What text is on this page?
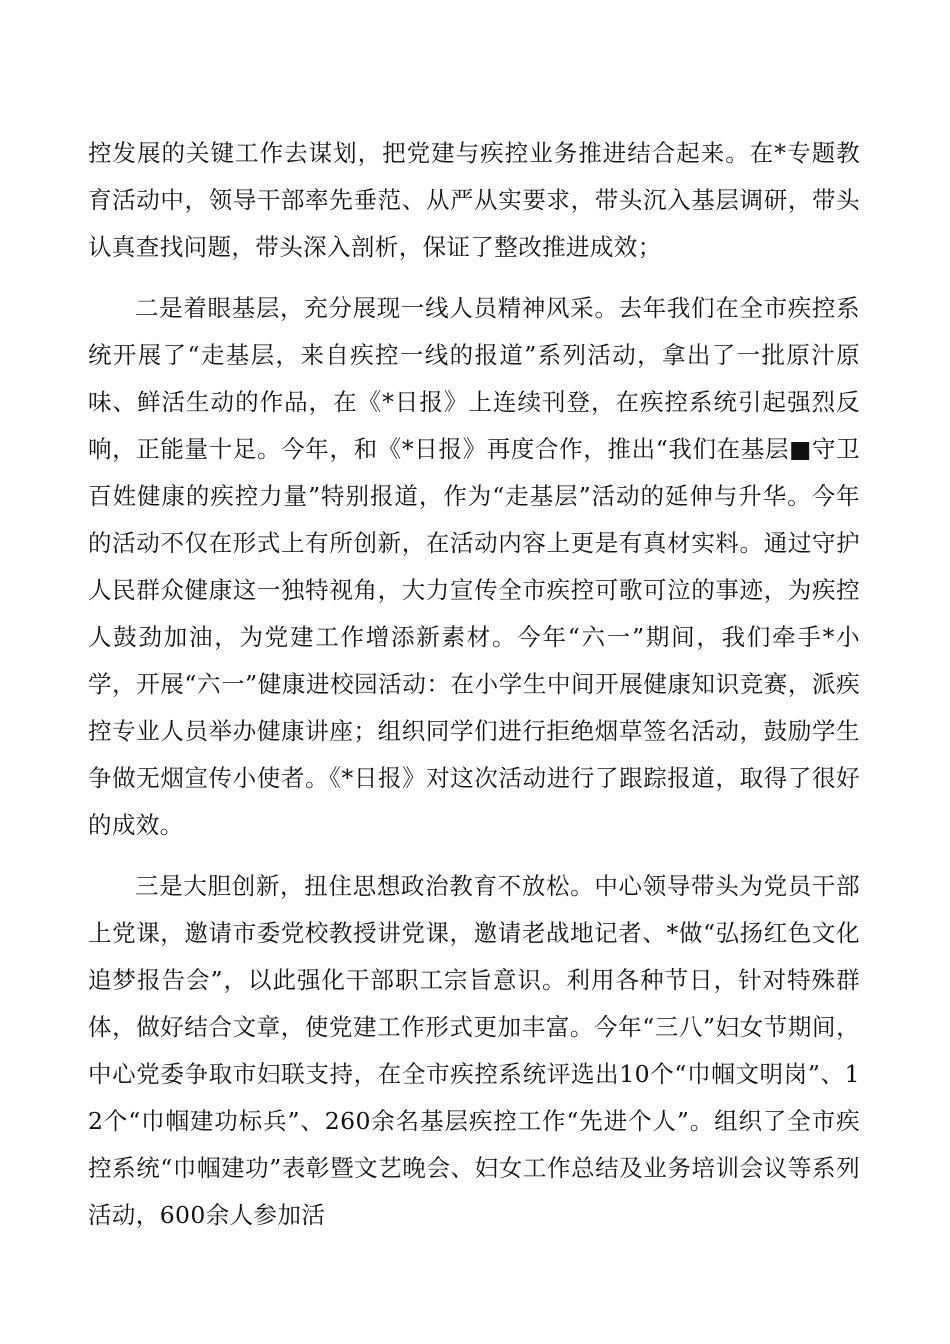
控发展的关键工作去谋划，把党建与疾控业务推进结合起来。在*专题教育活动中，领导干部率先垂范、从严从实要求，带头沉入基层调研，带头认真查找问题，带头深入剖析，保证了整改推进成效；

二是着眼基层，充分展现一线人员精神风采。去年我们在全市疾控系统开展了“走基层，来自疾控一线的报道”系列活动，拿出了一批原汁原味、鲜活生动的作品，在《*日报》上连续刊登，在疾控系统引起强烈反响，正能量十足。今年，和《*日报》再度合作，推出“我们在基层■守卫百姓健康的疾控力量”特别报道，作为“走基层”活动的延伸与升华。今年的活动不仅在形式上有所创新，在活动内容上更是有真材实料。通过守护人民群众健康这一独特视角，大力宣传全市疾控可歌可泣的事迹，为疾控人鼓劲加油，为党建工作增添新素材。今年“六一”期间，我们牵手*小学，开展“六一”健康进校园活动：在小学生中间开展健康知识竞赛，派疾控专业人员举办健康讲座；组织同学们进行拒绝烟草签名活动，鼓励学生争做无烟宣传小使者。《*日报》对这次活动进行了跟踪报道，取得了很好的成效。

三是大胆创新，扭住思想政治教育不放松。中心领导带头为党员干部上党课，邀请市委党校教授讲党课，邀请老战地记者、*做“弘扬红色文化追梦报告会”，以此强化干部职工宗旨意识。利用各种节日，针对特殊群体，做好结合文章，使党建工作形式更加丰富。今年“三八”妇女节期间，中心党委争取市妇联支持，在全市疾控系统评选出10个“巾帼文明岗”、12个“巾帼建功标兵”、260余名基层疾控工作“先进个人”。组织了全市疾控系统“巾帼建功”表彰暨文艺晚会、妇女工作总结及业务培训会议等系列活动，600余人参加活
